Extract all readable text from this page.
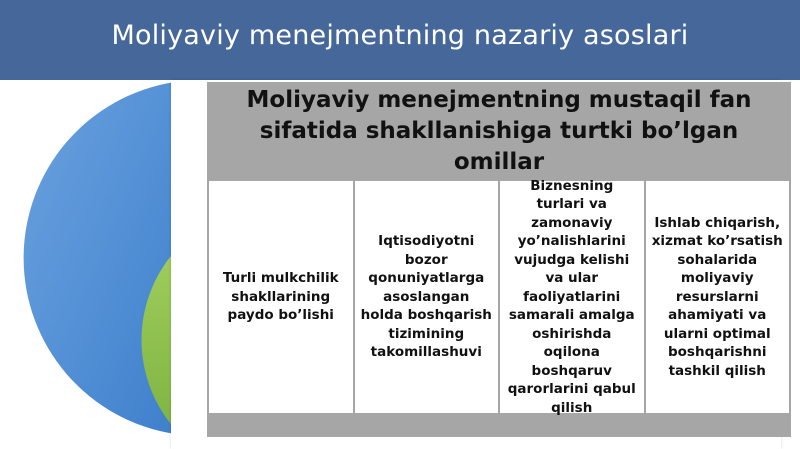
Moliyaviy menejmentning nazariy asoslari
Moliyaviy menejmentning mustaqil fan sifatida shakllanishiga turtki bo’lgan omillar
Turli mulkchilik shakllarining paydo bo’lishi
Iqtisodiyotni bozor qonuniyatlarga asoslangan holda boshqarish tizimining takomillashuvi
Biznesning turlari va zamonaviy yo’nalishlarini vujudga kelishi va ular faoliyatlarini samarali amalga oshirishda oqilona boshqaruv qarorlarini qabul qilish
Ishlab chiqarish, xizmat ko’rsatish sohalarida moliyaviy resurslarni ahamiyati va ularni optimal boshqarishni tashkil qilish
